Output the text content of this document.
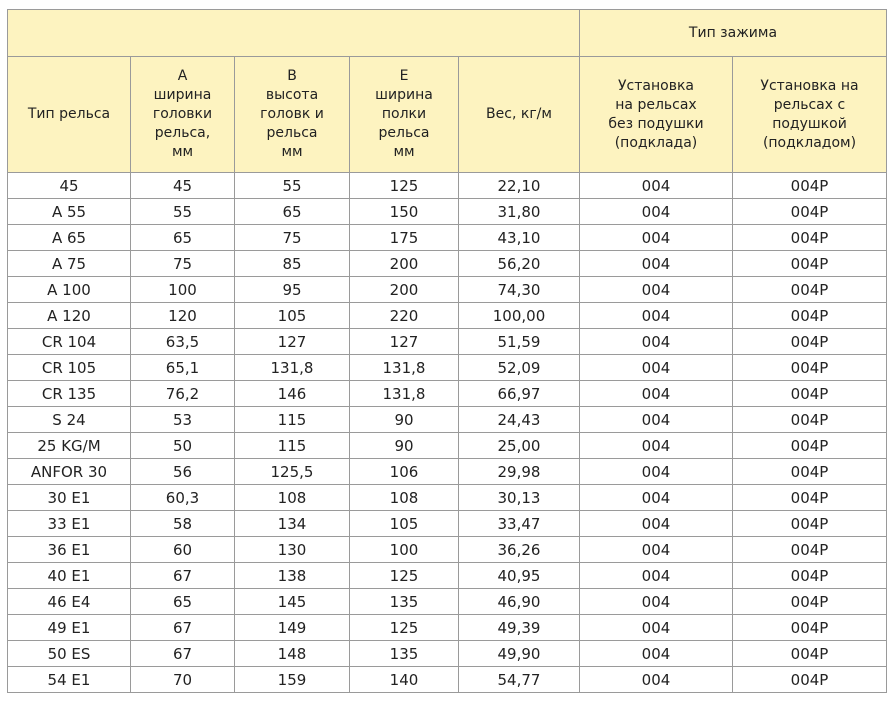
					Тип зажима	

Тип рельса	A
ширина
головки
рельса,
мм	B
высота
головк и
рельса
мм	E
ширина
полки
рельса
мм	Вес, кг/м	Установка
на рельсах
без подушки
(подклада)	Установка на
рельсах с подушкой
(подкладом)

45	45	55	125	22,10	004	004P
A 55	55	65	150	31,80	004	004P
A 65	65	75	175	43,10	004	004P
A 75	75	85	200	56,20	004	004P
A 100	100	95	200	74,30	004	004P
A 120	120	105	220	100,00	004	004P
CR 104	63,5	127	127	51,59	004	004P
CR 105	65,1	131,8	131,8	52,09	004	004P
CR 135	76,2	146	131,8	66,97	004	004P
S 24	53	115	90	24,43	004	004P
25 KG/M	50	115	90	25,00	004	004P
ANFOR 30	56	125,5	106	29,98	004	004P
30 E1	60,3	108	108	30,13	004	004P
33 E1	58	134	105	33,47	004	004P
36 E1	60	130	100	36,26	004	004P
40 E1	67	138	125	40,95	004	004P
46 E4	65	145	135	46,90	004	004P
49 E1	67	149	125	49,39	004	004P
50 ES	67	148	135	49,90	004	004P
54 E1	70	159	140	54,77	004	004P
